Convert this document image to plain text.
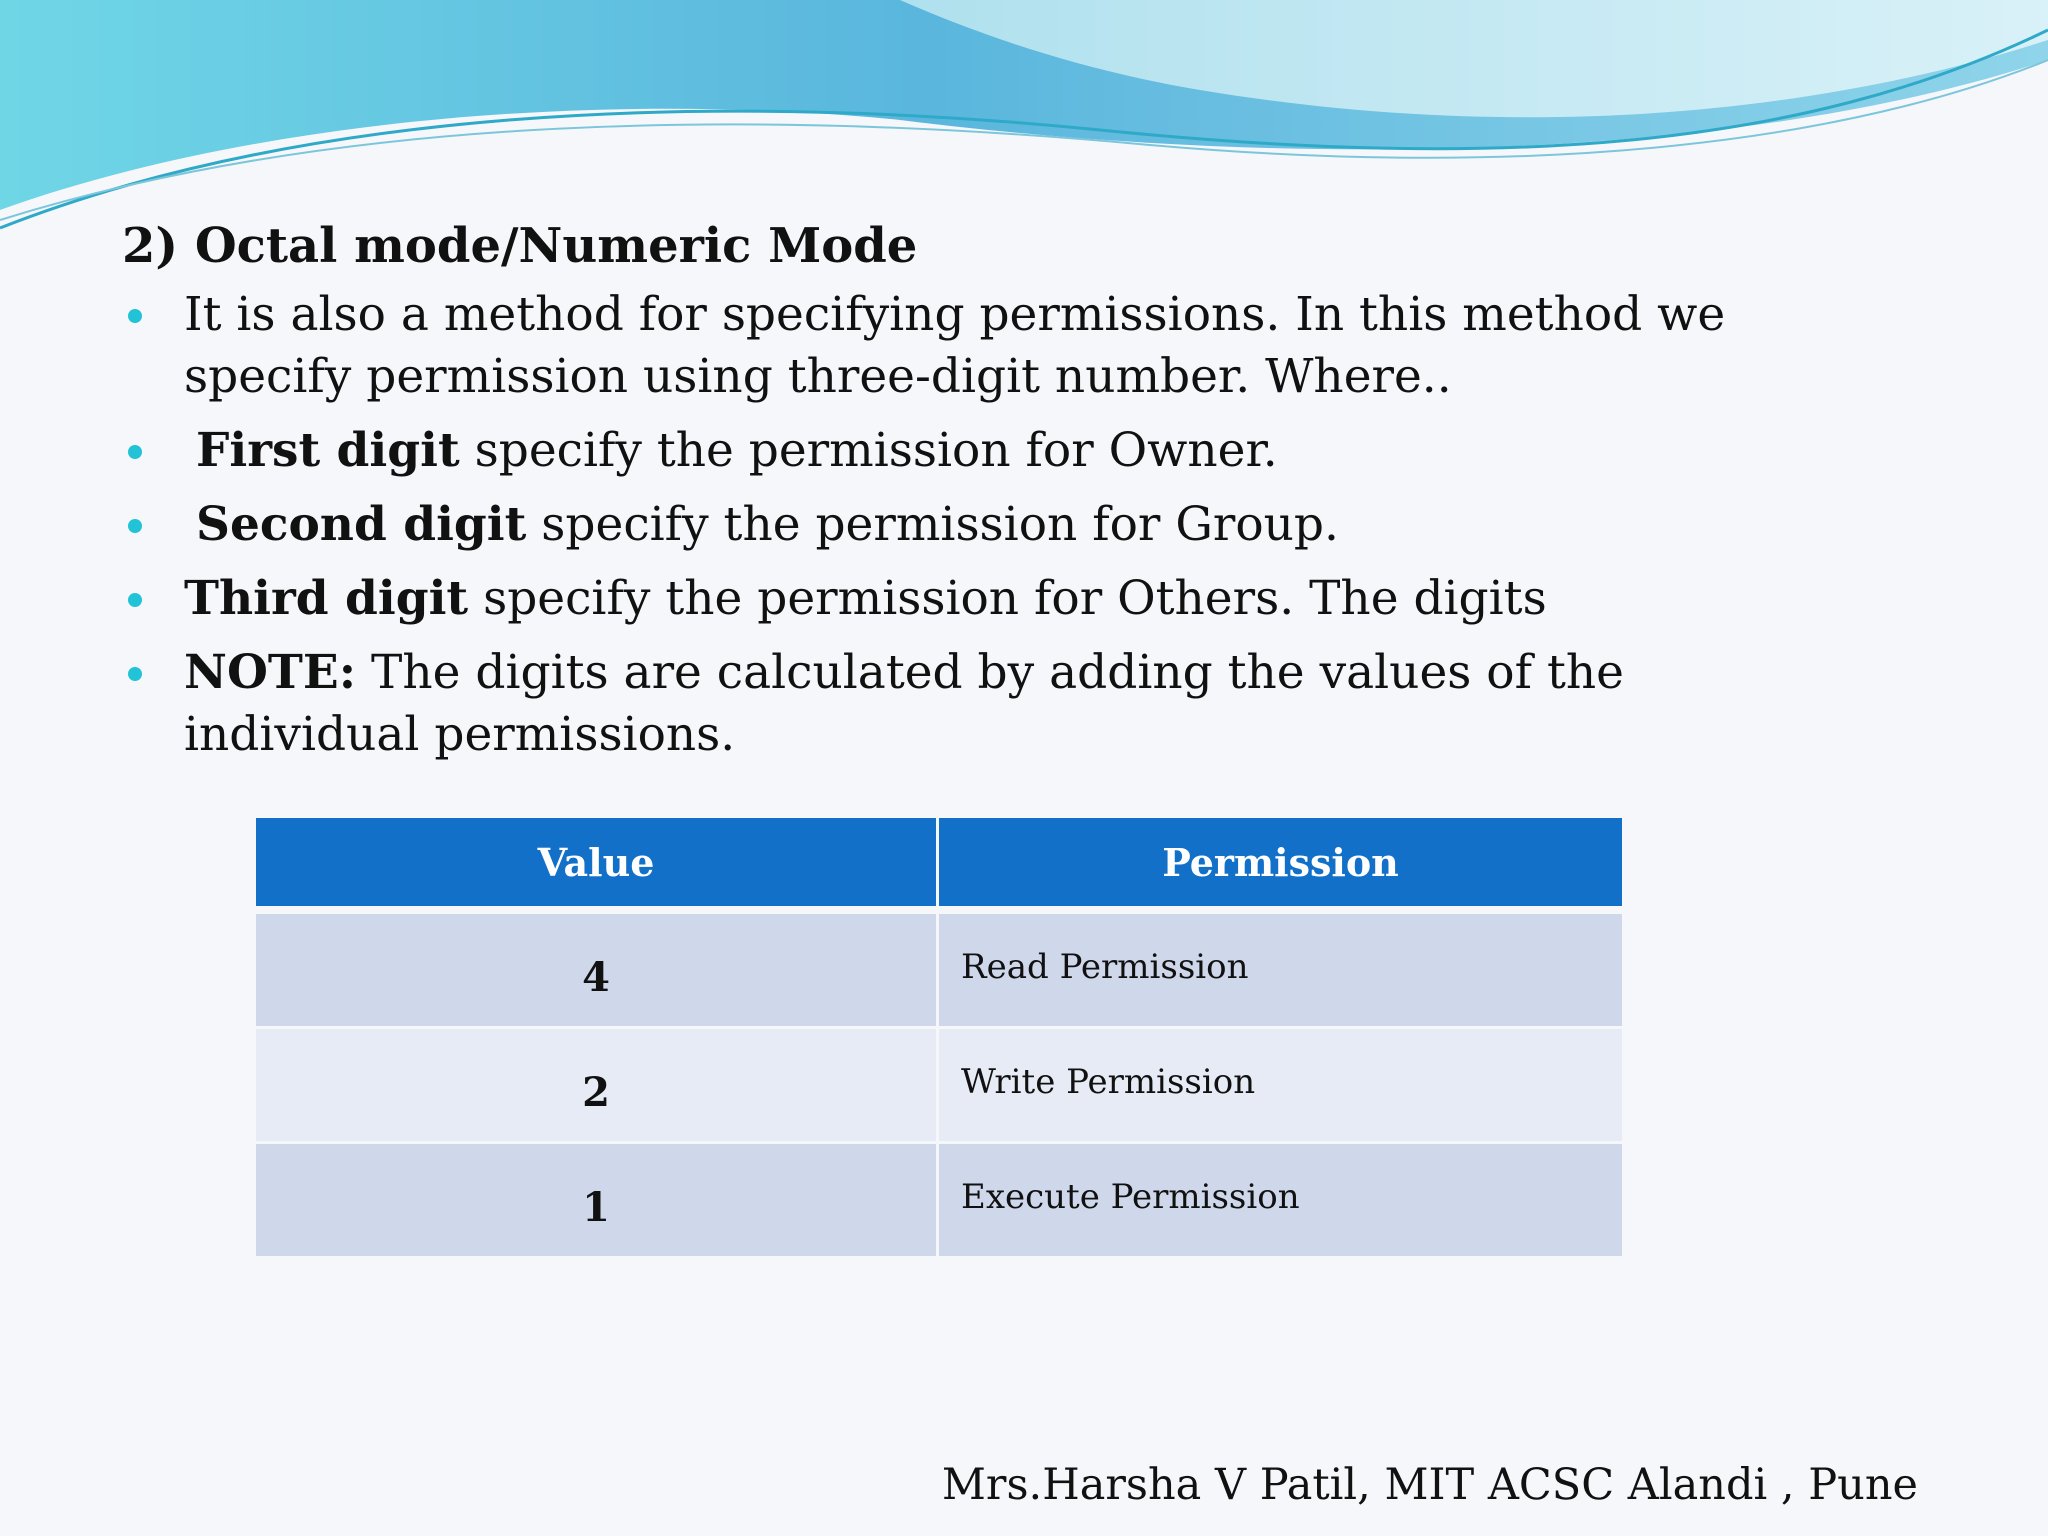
2) Octal mode/Numeric Mode
It is also a method for specifying permissions. In this method we specify permission using three-digit number. Where..
First digit specify the permission for Owner.
Second digit specify the permission for Group.
Third digit specify the permission for Others. The digits
NOTE: The digits are calculated by adding the values of the individual permissions.
Value	Permission
4	Read Permission
2	Write Permission
1	Execute Permission
Mrs.Harsha V Patil, MIT ACSC Alandi , Pune
